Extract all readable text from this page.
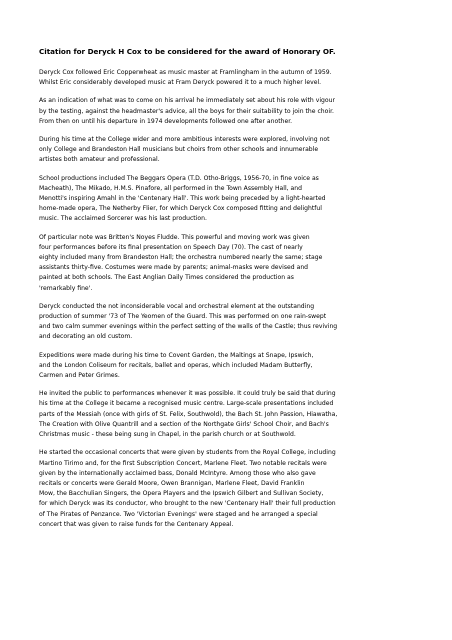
Citation for Deryck H Cox to be considered for the award of Honorary OF.
Deryck Cox followed Eric Copperwheat as music master at Framlingham in the autumn of 1959.
Whilst Eric considerably developed music at Fram Deryck powered it to a much higher level.
As an indication of what was to come on his arrival he immediately set about his role with vigour
by the testing, against the headmaster's advice, all the boys for their suitability to join the choir.
From then on until his departure in 1974 developments followed one after another.
During his time at the College wider and more ambitious interests were explored, involving not
only College and Brandeston Hall musicians but choirs from other schools and innumerable
artistes both amateur and professional.
School productions included The Beggars Opera (T.D. Otho-Briggs, 1956-70, in fine voice as
Macheath), The Mikado, H.M.S. Pinafore, all performed in the Town Assembly Hall, and
Menotti's inspiring Amahl in the 'Centenary Hall'. This work being preceded by a light-hearted
home-made opera, The Netherby Flier, for which Deryck Cox composed fitting and delightful
music. The acclaimed Sorcerer was his last production.
Of particular note was Britten's Noyes Fludde. This powerful and moving work was given
four performances before its final presentation on Speech Day (70). The cast of nearly
eighty included many from Brandeston Hall; the orchestra numbered nearly the same; stage
assistants thirty-five. Costumes were made by parents; animal-masks were devised and
painted at both schools. The East Anglian Daily Times considered the production as
'remarkably fine'.
Deryck conducted the not inconsiderable vocal and orchestral element at the outstanding
production of summer '73 of The Yeomen of the Guard. This was performed on one rain-swept
and two calm summer evenings within the perfect setting of the walls of the Castle; thus reviving
and decorating an old custom.
Expeditions were made during his time to Covent Garden, the Maltings at Snape, Ipswich,
and the London Coliseum for recitals, ballet and operas, which included Madam Butterfly,
Carmen and Peter Grimes.
He invited the public to performances whenever it was possible. It could truly be said that during
his time at the College it became a recognised music centre. Large-scale presentations included
parts of the Messiah (once with girls of St. Felix, Southwold), the Bach St. John Passion, Hiawatha,
The Creation with Olive Quantrill and a section of the Northgate Girls' School Choir, and Bach's
Christmas music - these being sung in Chapel, in the parish church or at Southwold.
He started the occasional concerts that were given by students from the Royal College, including
Martino Tirimo and, for the first Subscription Concert, Marlene Fleet. Two notable recitals were
given by the internationally acclaimed bass, Donald McIntyre. Among those who also gave
recitals or concerts were Gerald Moore, Owen Brannigan, Marlene Fleet, David Franklin
Mow, the Bacchulian Singers, the Opera Players and the Ipswich Gilbert and Sullivan Society,
for which Deryck was its conductor, who brought to the new 'Centenary Hall' their full production
of The Pirates of Penzance. Two 'Victorian Evenings' were staged and he arranged a special
concert that was given to raise funds for the Centenary Appeal.
